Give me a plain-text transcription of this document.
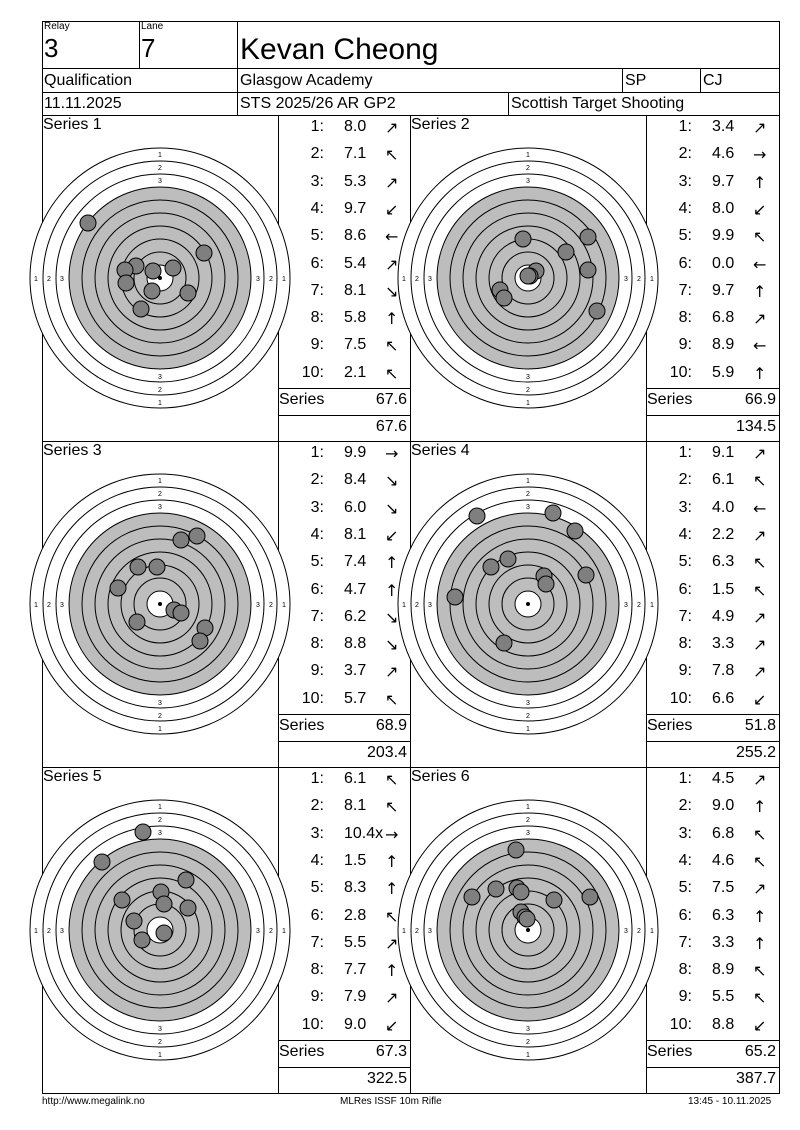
Relay
3
Lane
7	Kevan Cheong
Qualification	Glasgow Academy	SP	CJ
11.11.2025	STS 2025/26 AR GP2	Scottish Target Shooting
Series 1
1
1
1	1
2
2
2	2
3
3
3	3
1: 8.0 ↗
2: 7.1 ↖
3: 5.3 ↗
4: 9.7 ↙
5: 8.6 ←
6: 5.4 ↗
7: 8.1 ↘
8: 5.8 ↑
9: 7.5 ↖
10: 2.1 ↖
Series	67.6
67.6
Series 2
1
1
1	1
2
2
2	2
3
3
3	3
1: 3.4 ↗
2: 4.6 →
3: 9.7 ↑
4: 8.0 ↙
5: 9.9 ↖
6: 0.0 ←
7: 9.7 ↑
8: 6.8 ↗
9: 8.9 ←
10: 5.9 ↑
Series	66.9
134.5
Series 3
1
1
1	1
2
2
2	2
3
3
3	3
1: 9.9 →
2: 8.4 ↘
3: 6.0 ↘
4: 8.1 ↙
5: 7.4 ↑
6: 4.7 ↑
7: 6.2 ↘
8: 8.8 ↘
9: 3.7 ↗
10: 5.7 ↖
Series	68.9
203.4
Series 4
1
1
1	1
2
2
2	2
3
3
3	3
1: 9.1 ↗
2: 6.1 ↖
3: 4.0 ←
4: 2.2 ↗
5: 6.3 ↖
6: 1.5 ↖
7: 4.9 ↗
8: 3.3 ↗
9: 7.8 ↗
10: 6.6 ↙
Series	51.8
255.2
Series 5
1
1
1	1
2
2
2	2
3
3
3	3
1: 6.1 ↖
2: 8.1 ↖
3: 10.4x →
4: 1.5 ↑
5: 8.3 ↑
6: 2.8 ↖
7: 5.5 ↗
8: 7.7 ↑
9: 7.9 ↗
10: 9.0 ↙
Series	67.3
322.5
Series 6
1
1
1	1
2
2
2	2
3
3
3	3
1: 4.5 ↗
2: 9.0 ↑
3: 6.8 ↖
4: 4.6 ↖
5: 7.5 ↗
6: 6.3 ↑
7: 3.3 ↑
8: 8.9 ↖
9: 5.5 ↖
10: 8.8 ↙
Series	65.2
387.7
http://www.megalink.no	MLRes ISSF 10m Rifle	13:45 - 10.11.2025
